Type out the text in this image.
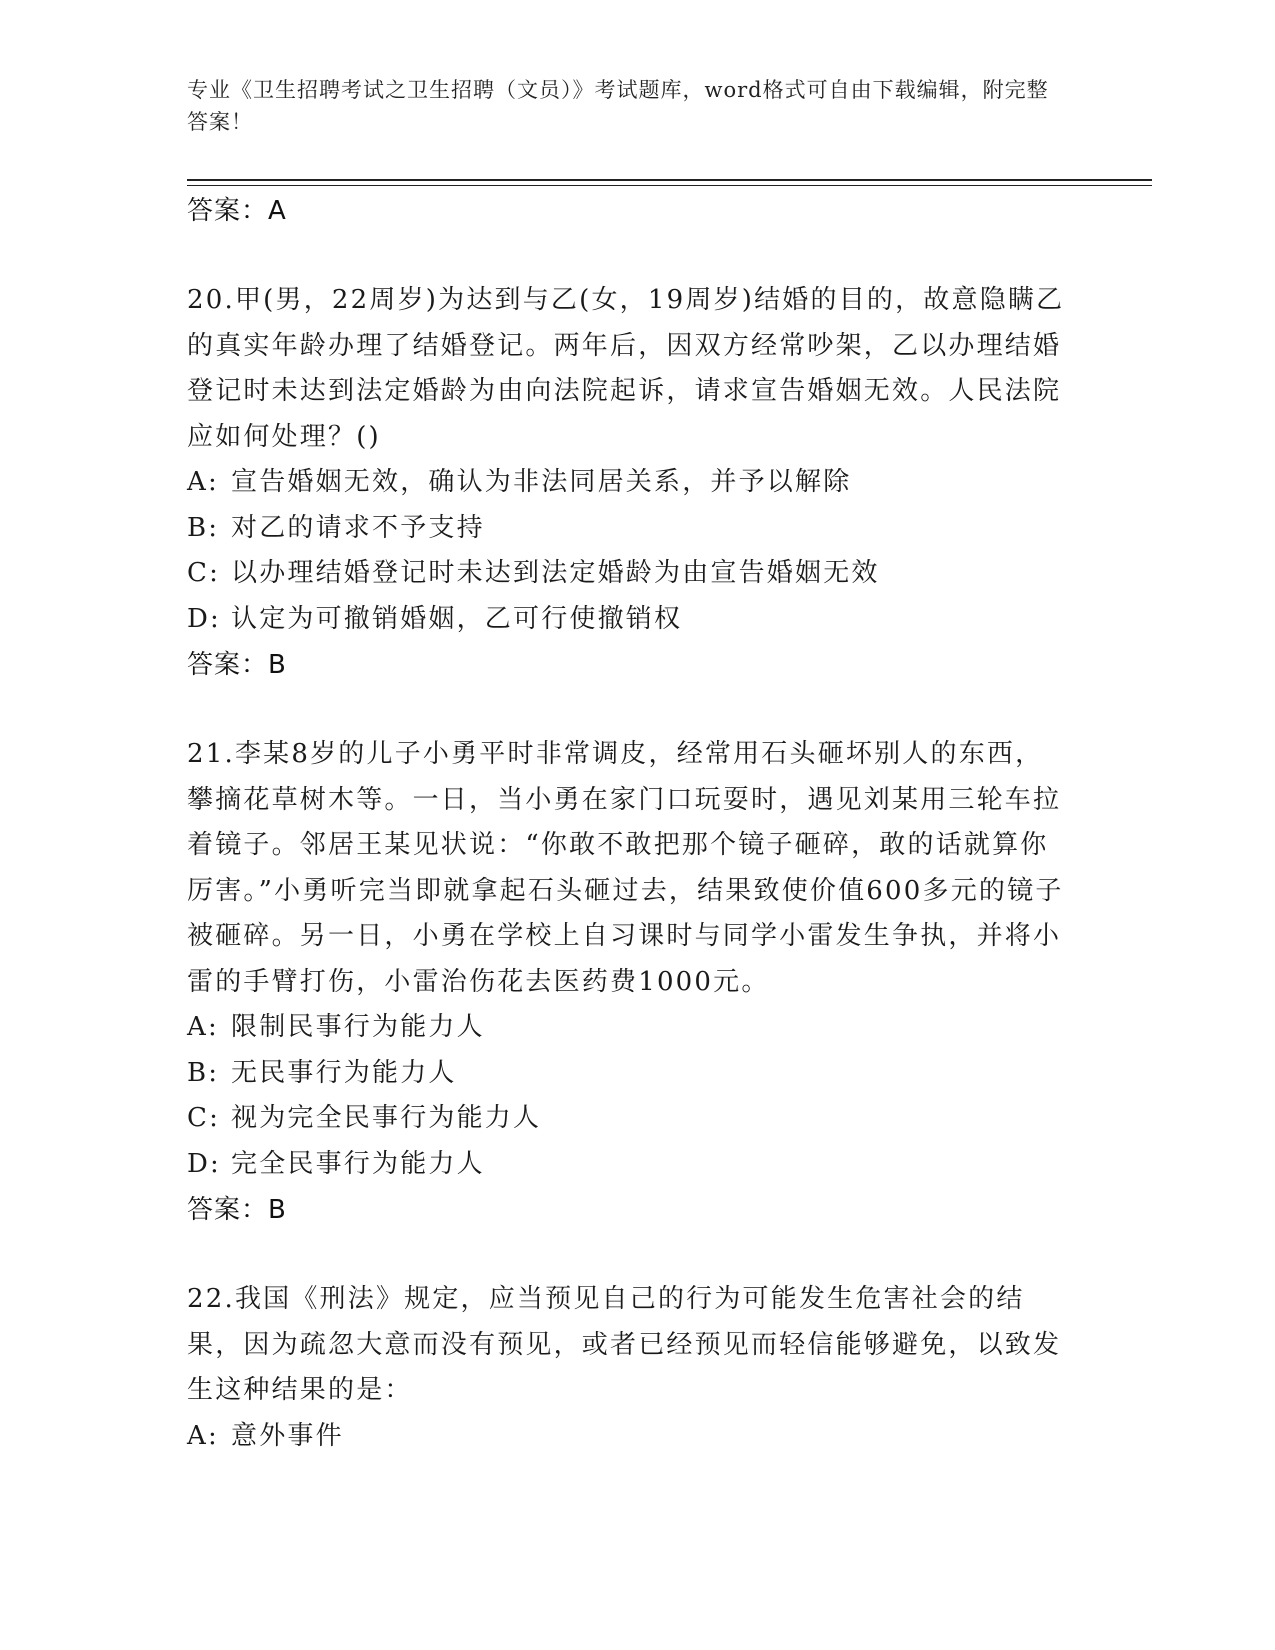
专业《卫生招聘考试之卫生招聘（文员）》考试题库，word格式可自由下载编辑，附完整答案！
答案：A

20.甲(男，22周岁)为达到与乙(女，19周岁)结婚的目的，故意隐瞒乙的真实年龄办理了结婚登记。两年后，因双方经常吵架，乙以办理结婚登记时未达到法定婚龄为由向法院起诉，请求宣告婚姻无效。人民法院应如何处理？()

A: 宣告婚姻无效，确认为非法同居关系，并予以解除
B: 对乙的请求不予支持
C: 以办理结婚登记时未达到法定婚龄为由宣告婚姻无效
D: 认定为可撤销婚姻，乙可行使撤销权
答案：B

21.李某8岁的儿子小勇平时非常调皮，经常用石头砸坏别人的东西，攀摘花草树木等。一日，当小勇在家门口玩耍时，遇见刘某用三轮车拉着镜子。邻居王某见状说：“你敢不敢把那个镜子砸碎，敢的话就算你厉害。”小勇听完当即就拿起石头砸过去，结果致使价值600多元的镜子被砸碎。另一日，小勇在学校上自习课时与同学小雷发生争执，并将小雷的手臂打伤，小雷治伤花去医药费1000元。

A: 限制民事行为能力人
B: 无民事行为能力人
C: 视为完全民事行为能力人
D: 完全民事行为能力人
答案：B

22.我国《刑法》规定，应当预见自己的行为可能发生危害社会的结果，因为疏忽大意而没有预见，或者已经预见而轻信能够避免，以致发生这种结果的是：

A: 意外事件
